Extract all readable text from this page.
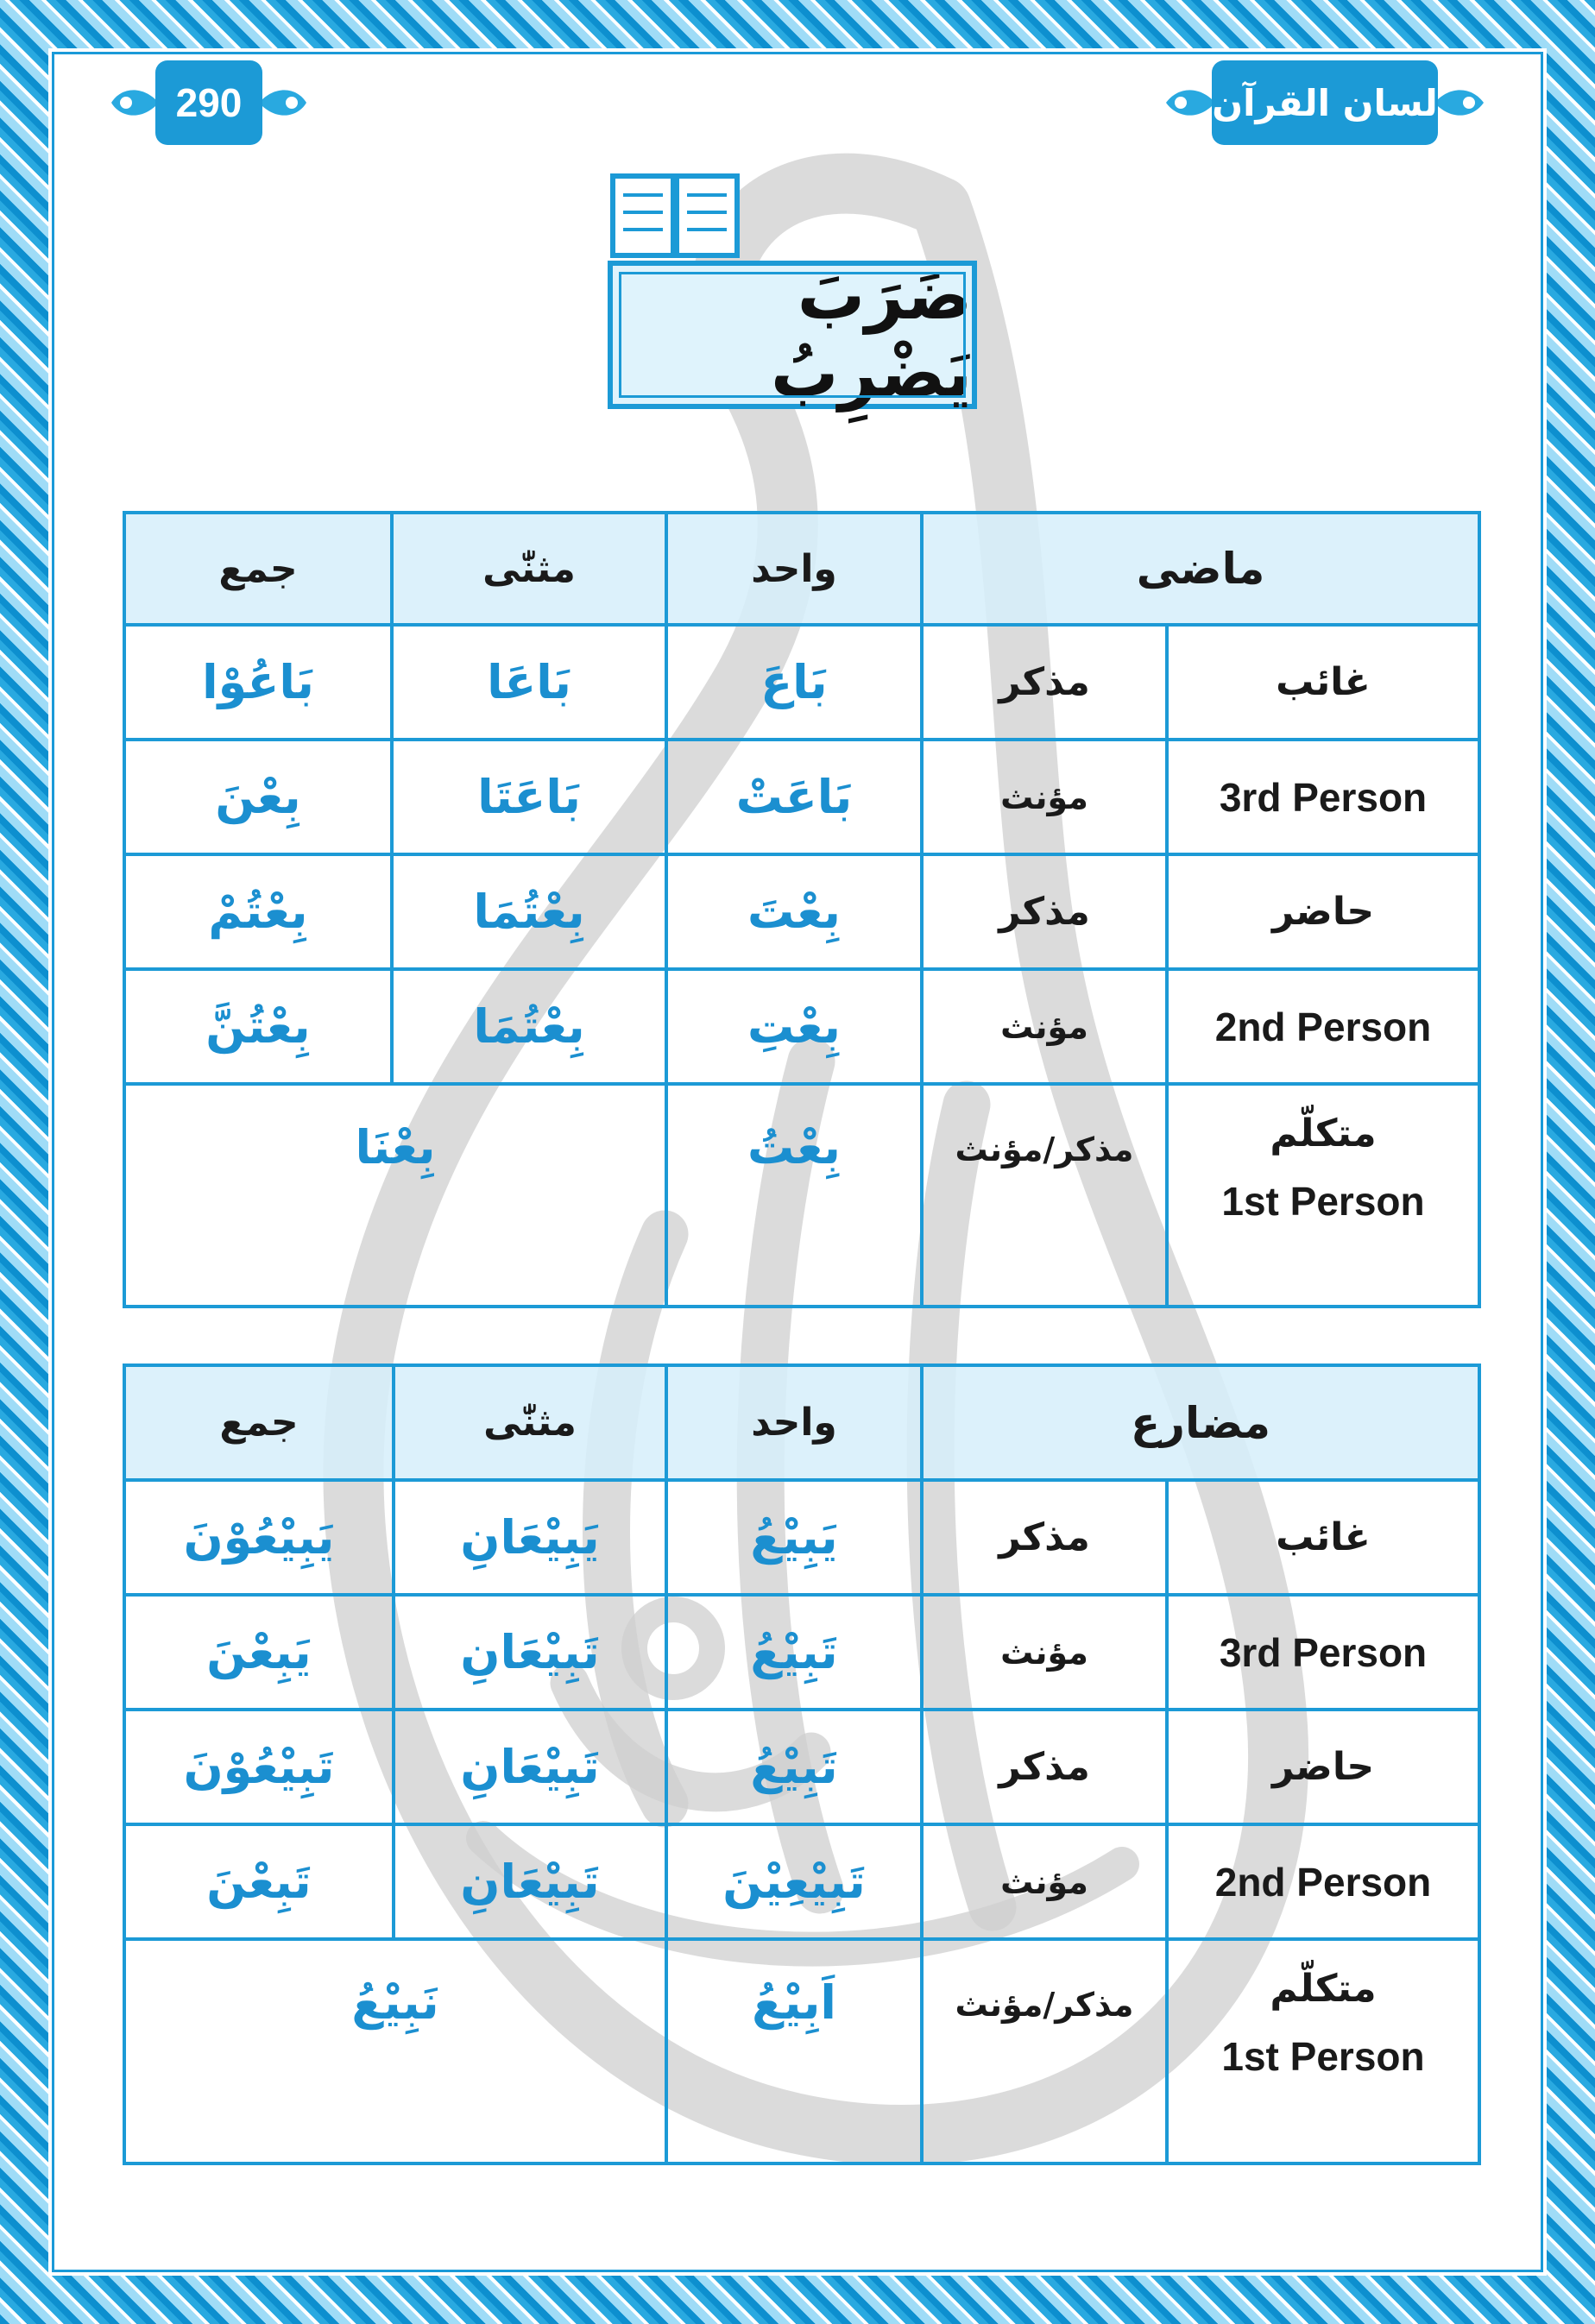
290	لسان القرآن
ضَرَبَ يَضْرِبُ
جمع	مثنّٰی	واحد	ماضی	
بَاعُوْا	بَاعَا	بَاعَ	مذکر	غائب
بِعْنَ	بَاعَتَا	بَاعَتْ	مؤنث	3rd Person
بِعْتُمْ	بِعْتُمَا	بِعْتَ	مذکر	حاضر
بِعْتُنَّ	بِعْتُمَا	بِعْتِ	مؤنث	2nd Person
بِعْنَا		بِعْتُ	مذکر/مؤنث	متکلّم
1st Person
جمع	مثنّٰی	واحد	مضارع	
يَبِيْعُوْنَ	يَبِيْعَانِ	يَبِيْعُ	مذکر	غائب
يَبِعْنَ	تَبِيْعَانِ	تَبِيْعُ	مؤنث	3rd Person
تَبِيْعُوْنَ	تَبِيْعَانِ	تَبِيْعُ	مذکر	حاضر
تَبِعْنَ	تَبِيْعَانِ	تَبِيْعِيْنَ	مؤنث	2nd Person
نَبِيْعُ		اَبِيْعُ	مذکر/مؤنث	متکلّم
1st Person
